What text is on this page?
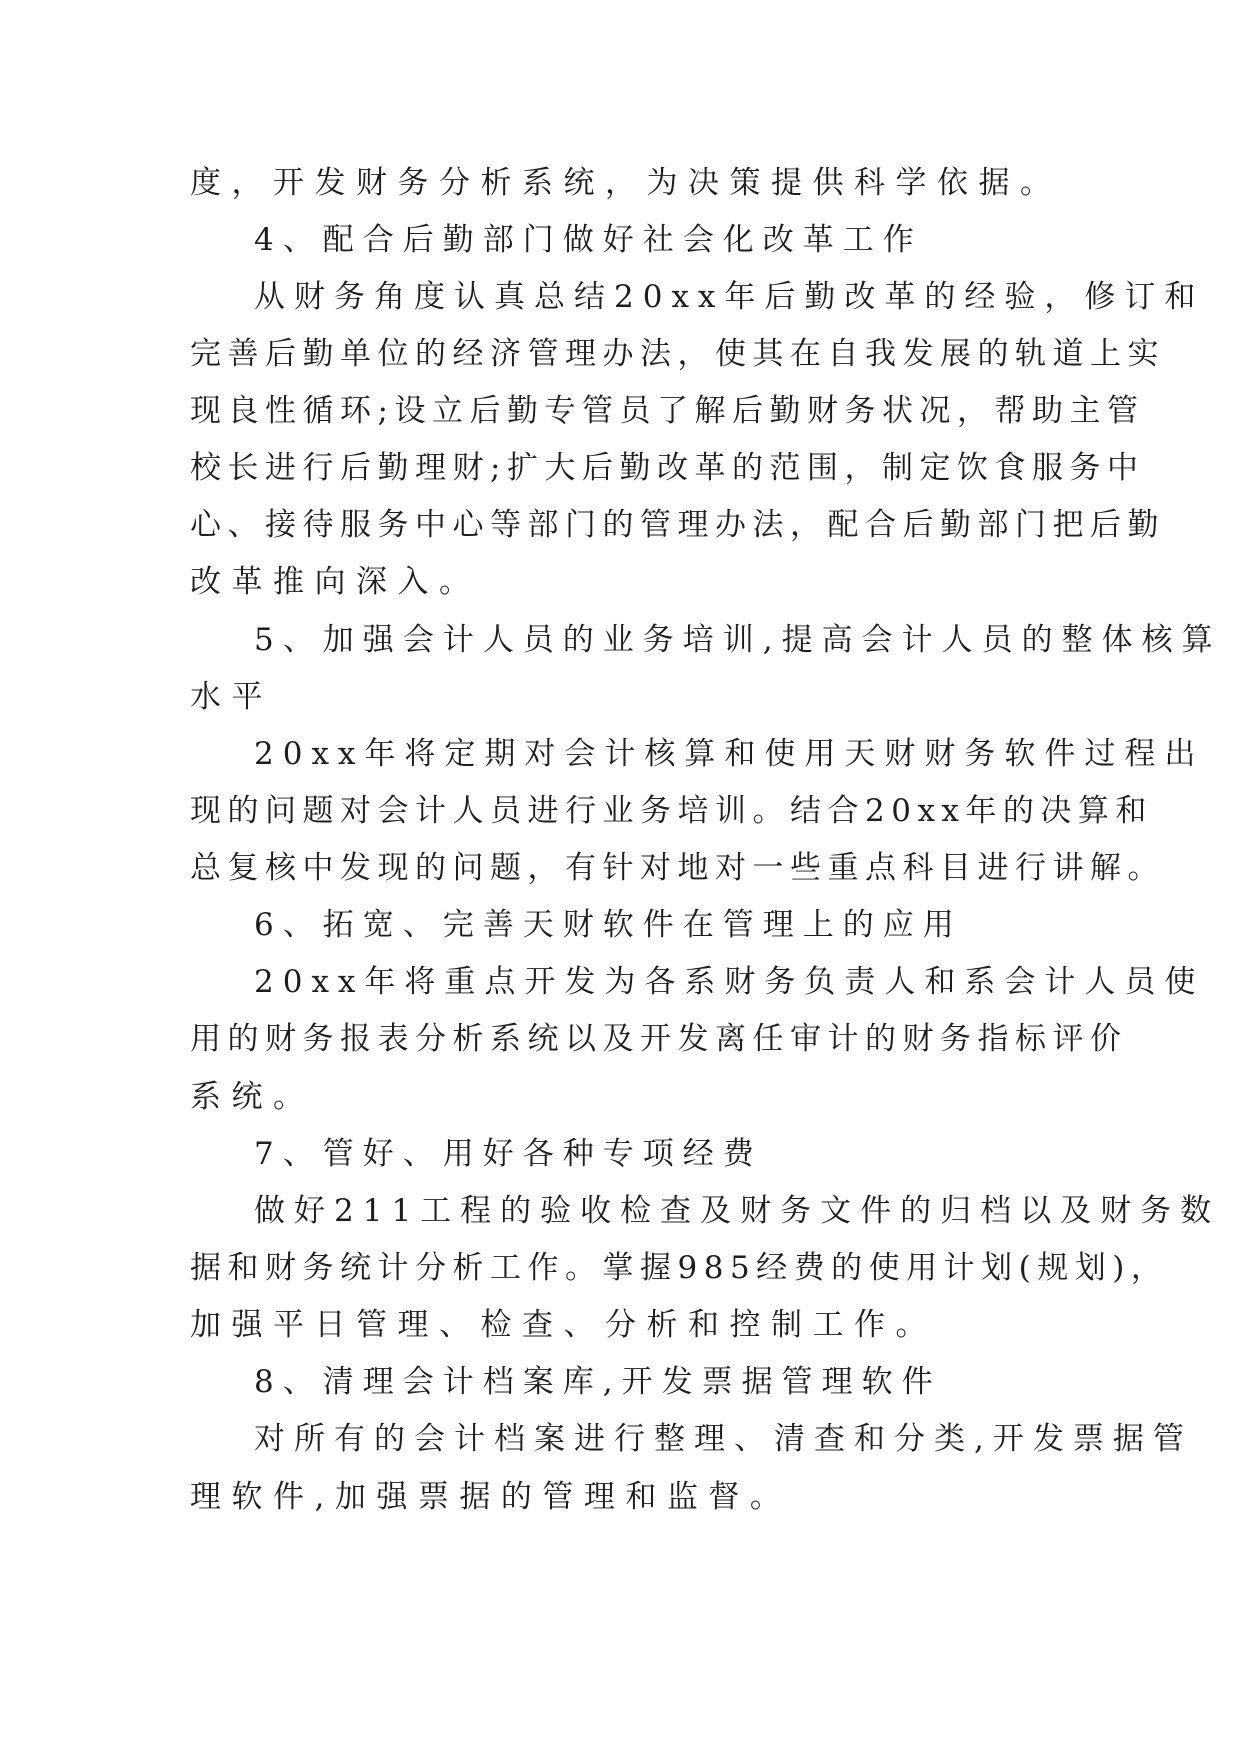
度，开发财务分析系统，为决策提供科学依据。
4、配合后勤部门做好社会化改革工作
从财务角度认真总结20xx年后勤改革的经验，修订和
完善后勤单位的经济管理办法，使其在自我发展的轨道上实
现良性循环;设立后勤专管员了解后勤财务状况，帮助主管
校长进行后勤理财;扩大后勤改革的范围，制定饮食服务中
心、接待服务中心等部门的管理办法，配合后勤部门把后勤
改革推向深入。
5、加强会计人员的业务培训,提高会计人员的整体核算
水平
20xx年将定期对会计核算和使用天财财务软件过程出
现的问题对会计人员进行业务培训。结合20xx年的决算和
总复核中发现的问题，有针对地对一些重点科目进行讲解。
6、拓宽、完善天财软件在管理上的应用
20xx年将重点开发为各系财务负责人和系会计人员使
用的财务报表分析系统以及开发离任审计的财务指标评价
系统。
7、管好、用好各种专项经费
做好211工程的验收检查及财务文件的归档以及财务数
据和财务统计分析工作。掌握985经费的使用计划(规划)，
加强平日管理、检查、分析和控制工作。
8、清理会计档案库,开发票据管理软件
对所有的会计档案进行整理、清查和分类,开发票据管
理软件,加强票据的管理和监督。
